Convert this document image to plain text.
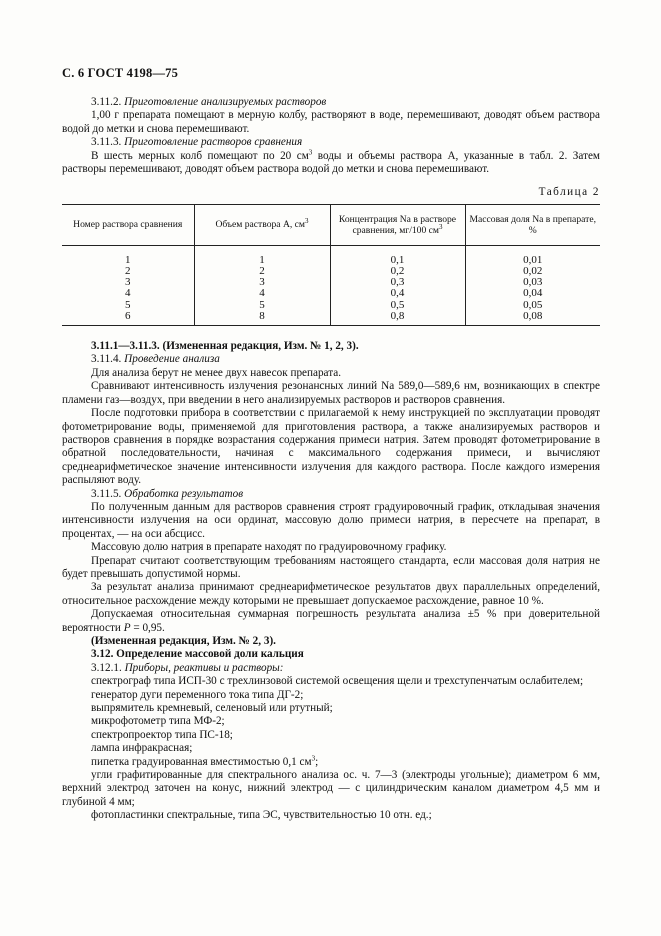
С. 6 ГОСТ 4198—75

3.11.2. Приготовление анализируемых растворов

1,00 г препарата помещают в мерную колбу, растворяют в воде, перемешивают, доводят объем раствора водой до метки и снова перемешивают.

3.11.3. Приготовление растворов сравнения

В шесть мерных колб помещают по 20 $см^3$ воды и объемы раствора А, указанные в табл. 2. Затем растворы перемешивают, доводят объем раствора водой до метки и снова перемешивают.

Таблица 2

Номер раствора сравнения	Объем раствора А, $см^3$	Концентрация Na в растворе сравнения, мг/100 $см^3$	Массовая доля Na в препарате, %
1	1	0,1	0,01
2	2	0,2	0,02
3	3	0,3	0,03
4	4	0,4	0,04
5	5	0,5	0,05
6	8	0,8	0,08

3.11.1—3.11.3. (Измененная редакция, Изм. № 1, 2, 3).

3.11.4. Проведение анализа

Для анализа берут не менее двух навесок препарата.

Сравнивают интенсивность излучения резонансных линий Na 589,0—589,6 нм, возникающих в спектре пламени газ—воздух, при введении в него анализируемых растворов и растворов сравнения.

После подготовки прибора в соответствии с прилагаемой к нему инструкцией по эксплуатации проводят фотометрирование воды, применяемой для приготовления раствора, а также анализируемых растворов и растворов сравнения в порядке возрастания содержания примеси натрия. Затем проводят фотометрирование в обратной последовательности, начиная с максимального содержания примеси, и вычисляют среднеарифметическое значение интенсивности излучения для каждого раствора. После каждого измерения распыляют воду.

3.11.5. Обработка результатов

По полученным данным для растворов сравнения строят градуировочный график, откладывая значения интенсивности излучения на оси ординат, массовую долю примеси натрия, в пересчете на препарат, в процентах, — на оси абсцисс.

Массовую долю натрия в препарате находят по градуировочному графику.

Препарат считают соответствующим требованиям настоящего стандарта, если массовая доля натрия не будет превышать допустимой нормы.

За результат анализа принимают среднеарифметическое результатов двух параллельных определений, относительное расхождение между которыми не превышает допускаемое расхождение, равное 10 %.

Допускаемая относительная суммарная погрешность результата анализа ±5 % при доверительной вероятности Р = 0,95.

(Измененная редакция, Изм. № 2, 3).

3.12. Определение массовой доли кальция

3.12.1. Приборы, реактивы и растворы:

спектрограф типа ИСП-30 с трехлинзовой системой освещения щели и трехступенчатым ослабителем;

генератор дуги переменного тока типа ДГ-2;

выпрямитель кремневый, селеновый или ртутный;

микрофотометр типа МФ-2;

спектропроектор типа ПС-18;

лампа инфракрасная;

пипетка градуированная вместимостью 0,1 $см^3$;

угли графитированные для спектрального анализа ос. ч. 7—3 (электроды угольные); диаметром 6 мм, верхний электрод заточен на конус, нижний электрод — с цилиндрическим каналом диаметром 4,5 мм и глубиной 4 мм;

фотопластинки спектральные, типа ЭС, чувствительностью 10 отн. ед.;
